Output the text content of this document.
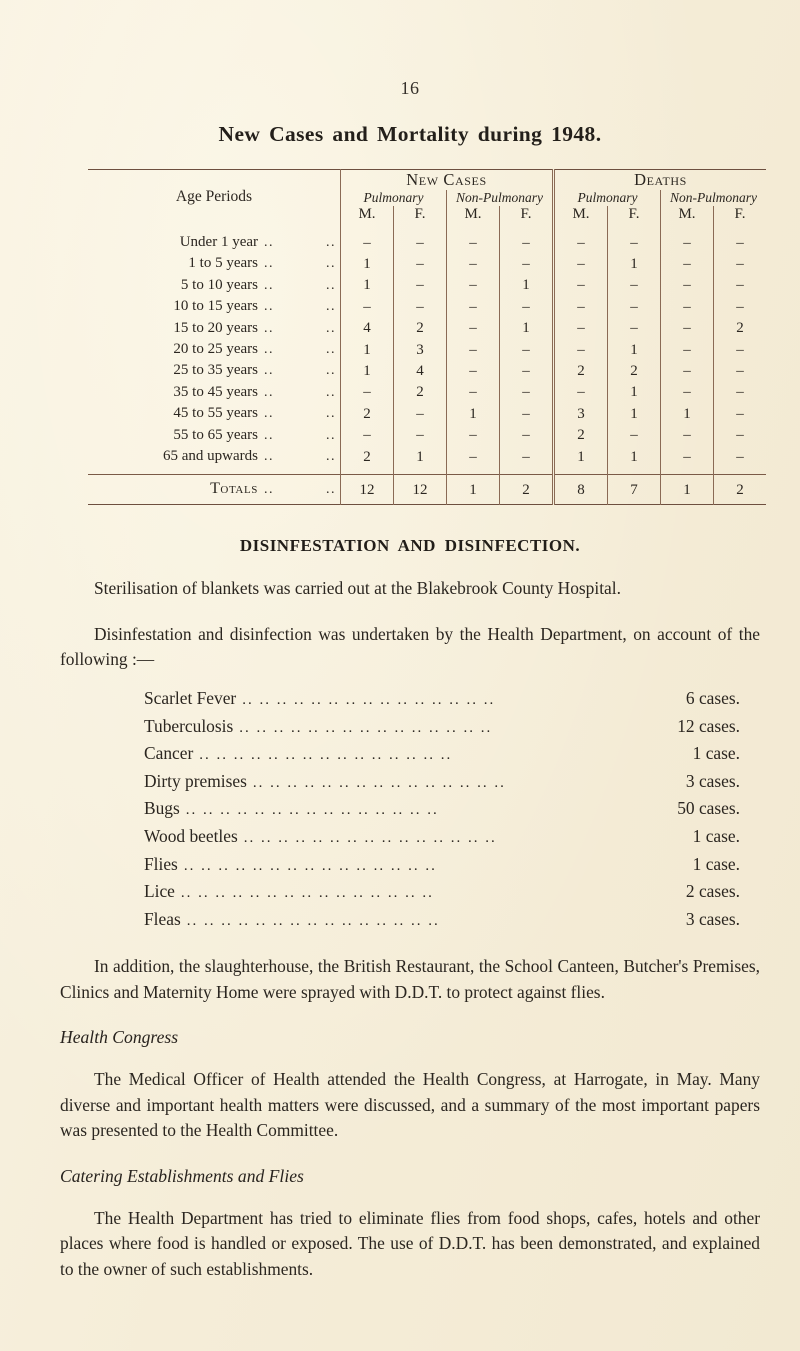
16
New Cases and Mortality during 1948.
Age Periods	New Cases				Deaths			
	Pulmonary		Non-Pulmonary		Pulmonary		Non-Pulmonary	
	M.	F.	M.	F.	M.	F.	M.	F.

Under 1 year .. ..	–	–	–	–	–	–	–	–

1 to 5 years .. ..	1	–	–	–	–	1	–	–

5 to 10 years .. ..	1	–	–	1	–	–	–	–

10 to 15 years .. ..	–	–	–	–	–	–	–	–

15 to 20 years .. ..	4	2	–	1	–	–	–	2

20 to 25 years .. ..	1	3	–	–	–	1	–	–

25 to 35 years .. ..	1	4	–	–	2	2	–	–

35 to 45 years .. ..	–	2	–	–	–	1	–	–

45 to 55 years .. ..	2	–	1	–	3	1	1	–

55 to 65 years .. ..	–	–	–	–	2	–	–	–

65 and upwards .. ..	2	1	–	–	1	1	–	–

Totals .. ..	12	12	1	2	8	7	1	2
DISINFESTATION AND DISINFECTION.

Sterilisation of blankets was carried out at the Blakebrook County Hospital.

Disinfestation and disinfection was undertaken by the Health Department, on account of the following :—

Scarlet Fever .. .. .. .. .. .. .. .. .. .. .. .. .. .. ..	6 cases.
Tuberculosis .. .. .. .. .. .. .. .. .. .. .. .. .. .. ..	12 cases.
Cancer .. .. .. .. .. .. .. .. .. .. .. .. .. .. ..	1 case.
Dirty premises .. .. .. .. .. .. .. .. .. .. .. .. .. .. ..	3 cases.
Bugs .. .. .. .. .. .. .. .. .. .. .. .. .. .. ..	50 cases.
Wood beetles .. .. .. .. .. .. .. .. .. .. .. .. .. .. ..	1 case.
Flies .. .. .. .. .. .. .. .. .. .. .. .. .. .. ..	1 case.
Lice .. .. .. .. .. .. .. .. .. .. .. .. .. .. ..	2 cases.
Fleas .. .. .. .. .. .. .. .. .. .. .. .. .. .. ..	3 cases.

In addition, the slaughterhouse, the British Restaurant, the School Canteen, Butcher's Premises, Clinics and Maternity Home were sprayed with D.D.T. to protect against flies.

Health Congress

The Medical Officer of Health attended the Health Congress, at Harrogate, in May. Many diverse and important health matters were discussed, and a summary of the most important papers was presented to the Health Committee.

Catering Establishments and Flies

The Health Department has tried to eliminate flies from food shops, cafes, hotels and other places where food is handled or exposed. The use of D.D.T. has been demonstrated, and explained to the owner of such establishments.
